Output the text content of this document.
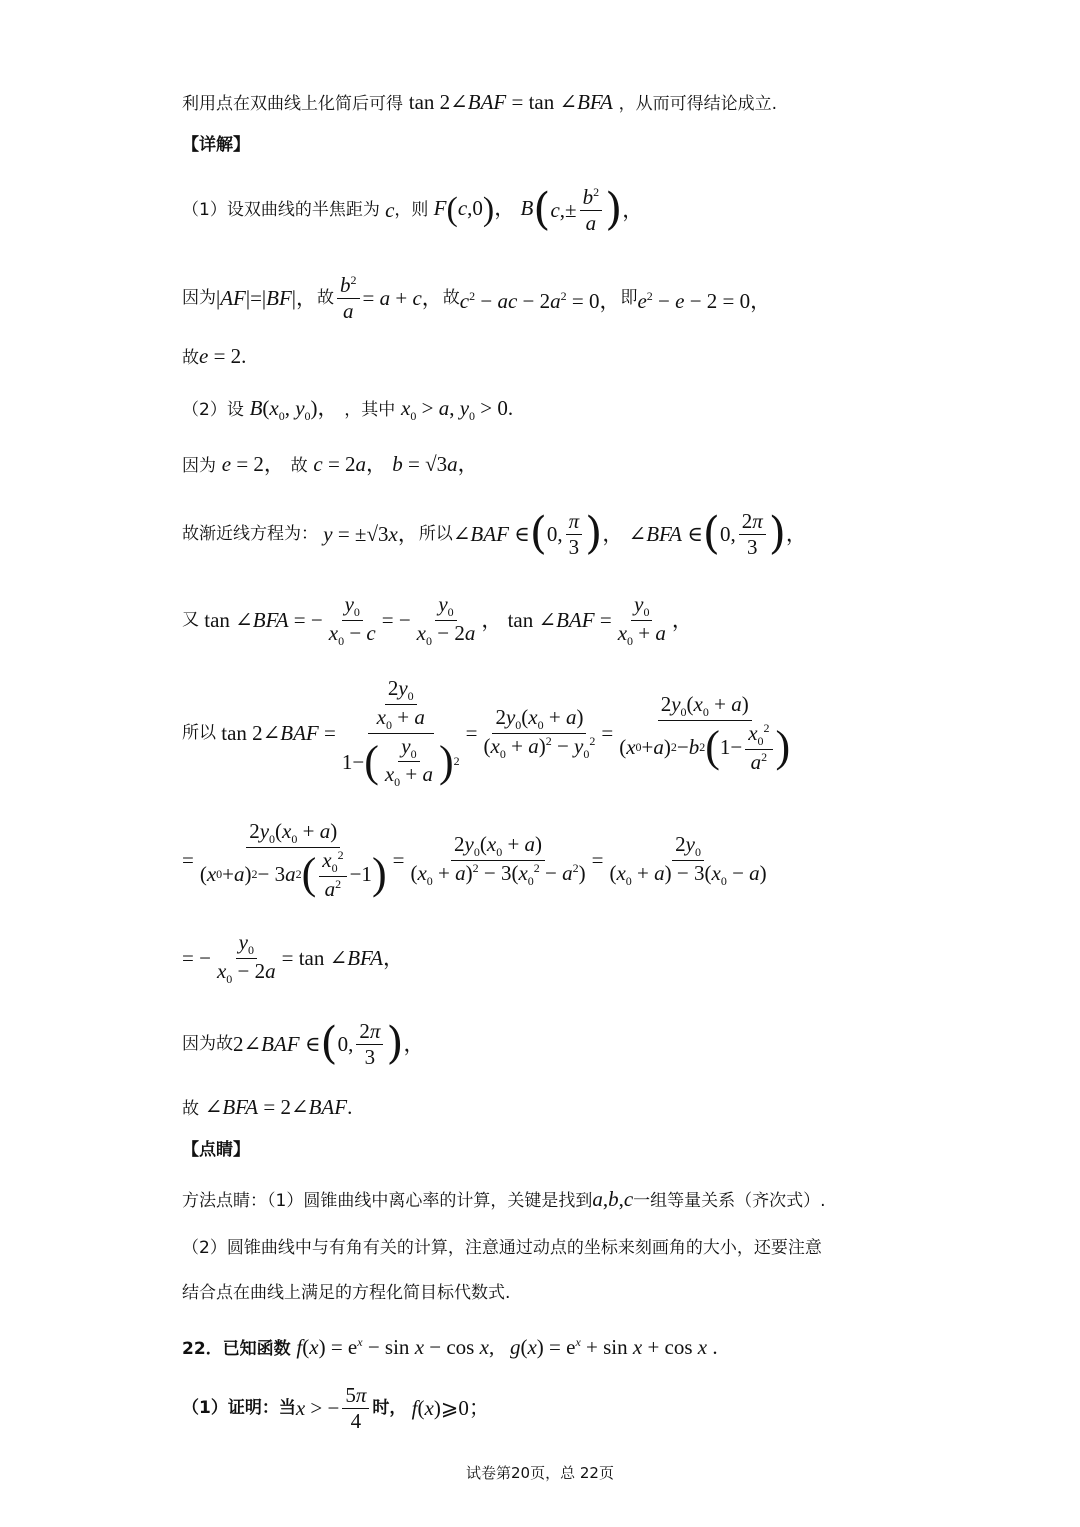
利用点在双曲线上化简后可得 tan 2∠BAF = tan ∠BFA ，从而可得结论成立.
【详解】
（1）设双曲线的半焦距为 c ，则 F(c,0)， B ( $c,\pm \frac{b^2}{a}$ ) ，
因为 |AF|=|BF|， 故 $\frac{b^2}{a} = a + c$， 故 $c^2$ − ac − $2a^2 = 0$， 即 $e^2 - e - 2 = 0$，
故e = 2.
（2）设 $B(x_0$, $y_0$)， ，其中 $x_0 > a$, $y_0 > 0$.
因为 e = 2， 故 c = 2a， b = √3a，
故渐近线方程为： y = ±√3x， 所以 ∠BAF ∈ ( 0, $\frac{\pi}{3}$ ) ， ∠BFA ∈ ( 0, $\frac{2\pi}{3}$ ) ，
又 tan ∠BFA = − $\frac{y_0}{x_0 - c}$ = − $\frac{y_0}{x_0 - 2a}$ ， tan ∠BAF = $\frac{y_0}{x_0 + a}$ ，
所以 tan 2∠BAF = $\frac{\frac{2y_0}{x_0 + a}}{1- ( \frac{y_0}{x_0 + a} ) 2} = \frac{2y_0(x_0 + a)}{(x_0 + a)^2 - y_0^2} = \frac{2y_0(x_0 + a)}{( x 0 + a ) 2 - b 2 ( 1- \frac{x_0^2}{a^2} )}$
= $\frac{2y_0(x_0 + a)}{( x 0 + a ) 2 - 3 a 2 ( \frac{x_0^2}{a^2} -1 )} = \frac{2y_0(x_0 + a)}{(x_0 + a)^2 - 3(x_0^2 - a^2)} = \frac{2y_0}{(x_0 + a) - 3(x_0 - a)}$
= − $\frac{y_0}{x_0 - 2a} = \tan$ ∠BFA，
因为故 2∠BAF ∈ ( 0, $\frac{2\pi}{3}$ ) ，
故 ∠BFA = 2∠BAF.
【点睛】
方法点睛：（1）圆锥曲线中离心率的计算，关键是找到a,b,c一组等量关系（齐次式）.
（2）圆锥曲线中与有角有关的计算，注意通过动点的坐标来刻画角的大小，还要注意
结合点在曲线上满足的方程化简目标代数式.
22．已知函数 $f(x) = e^x - \sin x - \cos x$,   $g(x) = e^x + \sin x + \cos x$ .
（1）证明：当 x > − $\frac{5\pi}{4}$ 时， f(x)⩾0；
试卷第20页，总 22页
